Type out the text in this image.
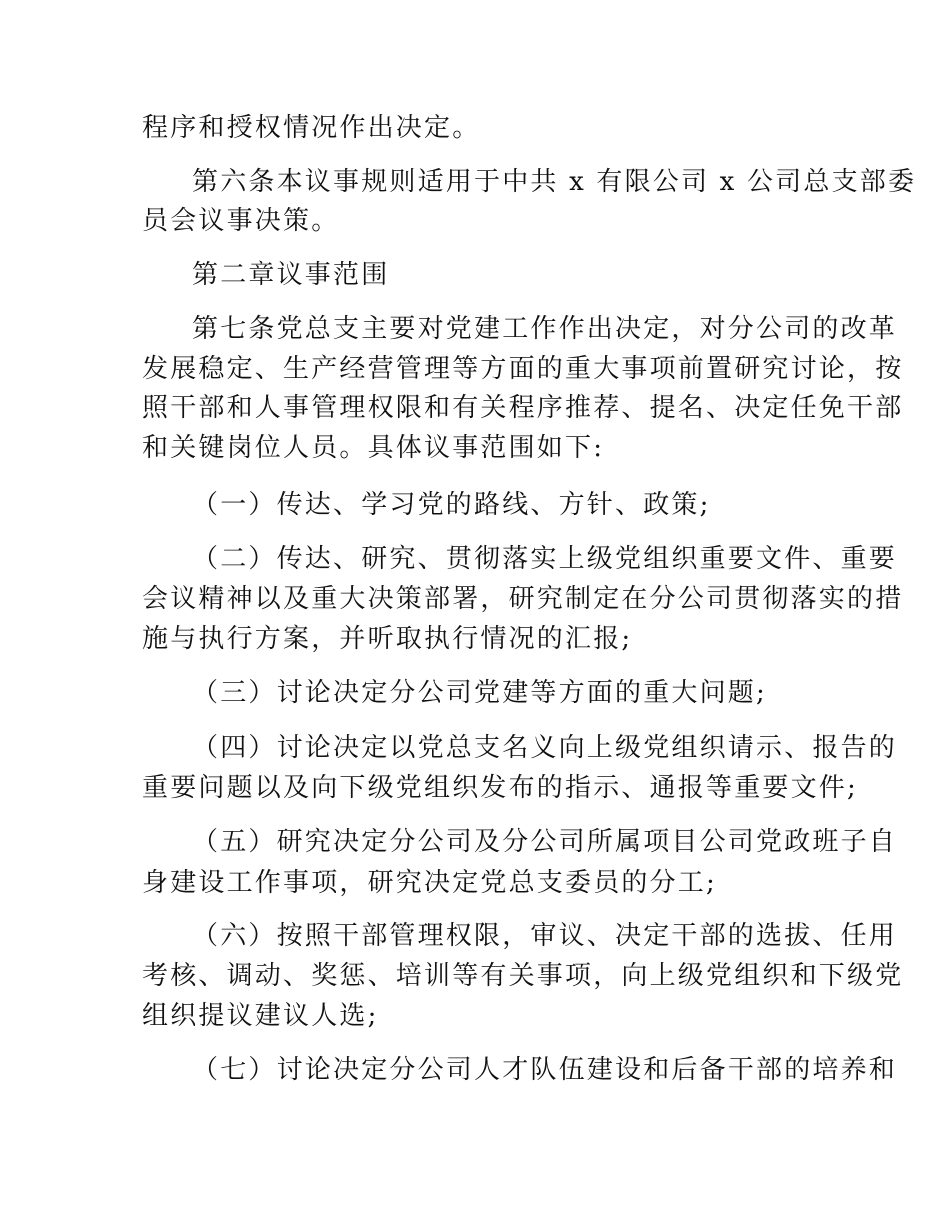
程序和授权情况作出决定。
第六条本议事规则适用于中共 x 有限公司 x 公司总支部委
员会议事决策。
第二章议事范围
第七条党总支主要对党建工作作出决定，对分公司的改革
发展稳定、生产经营管理等方面的重大事项前置研究讨论，按
照干部和人事管理权限和有关程序推荐、提名、决定任免干部
和关键岗位人员。具体议事范围如下:
（一）传达、学习党的路线、方针、政策;
（二）传达、研究、贯彻落实上级党组织重要文件、重要
会议精神以及重大决策部署，研究制定在分公司贯彻落实的措
施与执行方案，并听取执行情况的汇报;
（三）讨论决定分公司党建等方面的重大问题;
（四）讨论决定以党总支名义向上级党组织请示、报告的
重要问题以及向下级党组织发布的指示、通报等重要文件;
（五）研究决定分公司及分公司所属项目公司党政班子自
身建设工作事项，研究决定党总支委员的分工;
（六）按照干部管理权限，审议、决定干部的选拔、任用
考核、调动、奖惩、培训等有关事项，向上级党组织和下级党
组织提议建议人选;
（七）讨论决定分公司人才队伍建设和后备干部的培养和
